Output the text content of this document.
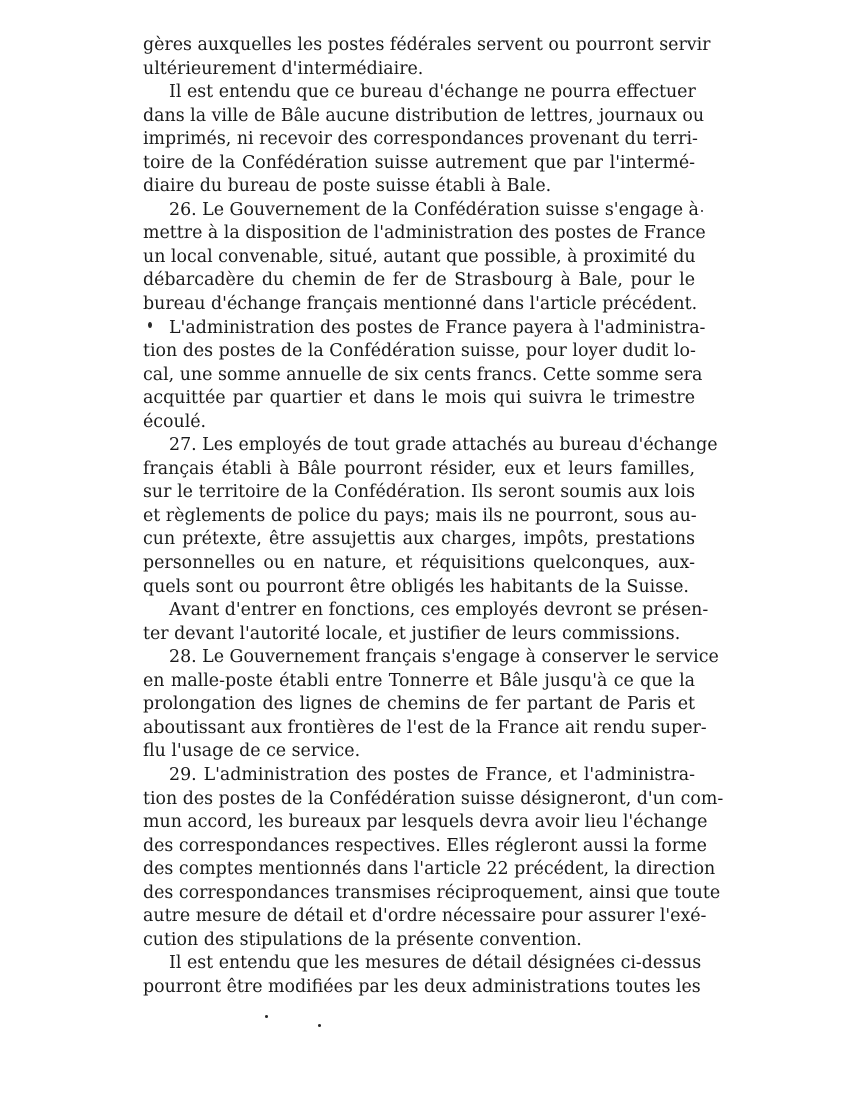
gères auxquelles les postes fédérales servent ou pourront servir
ultérieurement d'intermédiaire.
Il est entendu que ce bureau d'échange ne pourra effectuer
dans la ville de Bâle aucune distribution de lettres, journaux ou
imprimés, ni recevoir des correspondances provenant du terri-
toire de la Confédération suisse autrement que par l'intermé-
diaire du bureau de poste suisse établi à Bale.
26. Le Gouvernement de la Confédération suisse s'engage à
mettre à la disposition de l'administration des postes de France
un local convenable, situé, autant que possible, à proximité du
débarcadère du chemin de fer de Strasbourg à Bale, pour le
bureau d'échange français mentionné dans l'article précédent.
L'administration des postes de France payera à l'administra-
tion des postes de la Confédération suisse, pour loyer dudit lo-
cal, une somme annuelle de six cents francs. Cette somme sera
acquittée par quartier et dans le mois qui suivra le trimestre
écoulé.
27. Les employés de tout grade attachés au bureau d'échange
français établi à Bâle pourront résider, eux et leurs familles,
sur le territoire de la Confédération. Ils seront soumis aux lois
et règlements de police du pays; mais ils ne pourront, sous au-
cun prétexte, être assujettis aux charges, impôts, prestations
personnelles ou en nature, et réquisitions quelconques, aux-
quels sont ou pourront être obligés les habitants de la Suisse.
Avant d'entrer en fonctions, ces employés devront se présen-
ter devant l'autorité locale, et justifier de leurs commissions.
28. Le Gouvernement français s'engage à conserver le service
en malle-poste établi entre Tonnerre et Bâle jusqu'à ce que la
prolongation des lignes de chemins de fer partant de Paris et
aboutissant aux frontières de l'est de la France ait rendu super-
flu l'usage de ce service.
29. L'administration des postes de France, et l'administra-
tion des postes de la Confédération suisse désigneront, d'un com-
mun accord, les bureaux par lesquels devra avoir lieu l'échange
des correspondances respectives. Elles régleront aussi la forme
des comptes mentionnés dans l'article 22 précédent, la direction
des correspondances transmises réciproquement, ainsi que toute
autre mesure de détail et d'ordre nécessaire pour assurer l'exé-
cution des stipulations de la présente convention.
Il est entendu que les mesures de détail désignées ci-dessus
pourront être modifiées par les deux administrations toutes les
